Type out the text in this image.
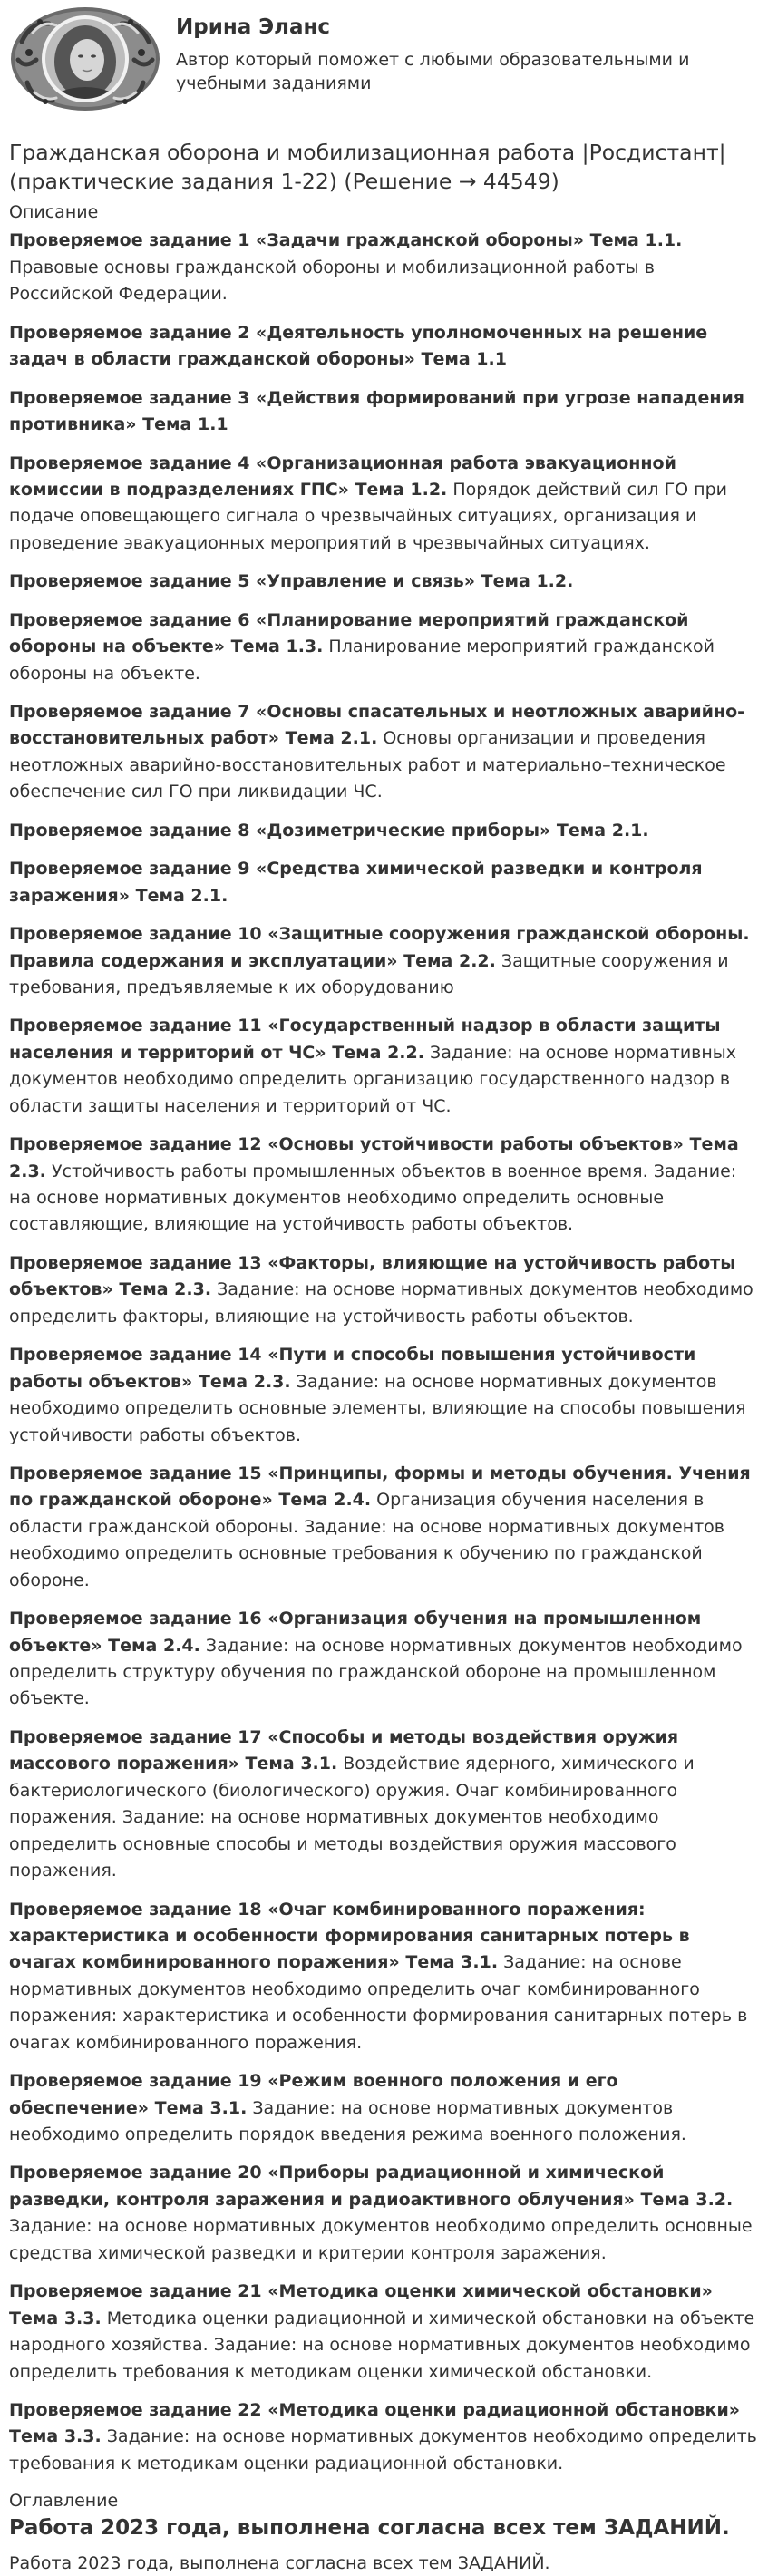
Ирина Эланс
Автор который поможет с любыми образовательными и учебными заданиями
Гражданская оборона и мобилизационная работа |Росдистант| (практические задания 1-22) (Решение → 44549)
Описание
Проверяемое задание 1 «Задачи гражданской обороны» Тема 1.1. Правовые основы гражданской обороны и мобилизационной работы в Российской Федерации.
Проверяемое задание 2 «Деятельность уполномоченных на решение задач в области гражданской обороны» Тема 1.1
Проверяемое задание 3 «Действия формирований при угрозе нападения противника» Тема 1.1
Проверяемое задание 4 «Организационная работа эвакуационной комиссии в подразделениях ГПС» Тема 1.2. Порядок действий сил ГО при подаче оповещающего сигнала о чрезвычайных ситуациях, организация и проведение эвакуационных мероприятий в чрезвычайных ситуациях.
Проверяемое задание 5 «Управление и связь» Тема 1.2.
Проверяемое задание 6 «Планирование мероприятий гражданской обороны на объекте» Тема 1.3. Планирование мероприятий гражданской обороны на объекте.
Проверяемое задание 7 «Основы спасательных и неотложных аварийно-восстановительных работ» Тема 2.1. Основы организации и проведения неотложных аварийно-восстановительных работ и материально–техническое обеспечение сил ГО при ликвидации ЧС.
Проверяемое задание 8 «Дозиметрические приборы» Тема 2.1.
Проверяемое задание 9 «Средства химической разведки и контроля заражения» Тема 2.1.
Проверяемое задание 10 «Защитные сооружения гражданской обороны. Правила содержания и эксплуатации» Тема 2.2. Защитные сооружения и требования, предъявляемые к их оборудованию
Проверяемое задание 11 «Государственный надзор в области защиты населения и территорий от ЧС» Тема 2.2. Задание: на основе нормативных документов необходимо определить организацию государственного надзор в области защиты населения и территорий от ЧС.
Проверяемое задание 12 «Основы устойчивости работы объектов» Тема 2.3. Устойчивость работы промышленных объектов в военное время. Задание: на основе нормативных документов необходимо определить основные составляющие, влияющие на устойчивость работы объектов.
Проверяемое задание 13 «Факторы, влияющие на устойчивость работы объектов» Тема 2.3. Задание: на основе нормативных документов необходимо определить факторы, влияющие на устойчивость работы объектов.
Проверяемое задание 14 «Пути и способы повышения устойчивости работы объектов» Тема 2.3. Задание: на основе нормативных документов необходимо определить основные элементы, влияющие на способы повышения устойчивости работы объектов.
Проверяемое задание 15 «Принципы, формы и методы обучения. Учения по гражданской обороне» Тема 2.4. Организация обучения населения в области гражданской обороны. Задание: на основе нормативных документов необходимо определить основные требования к обучению по гражданской обороне.
Проверяемое задание 16 «Организация обучения на промышленном объекте» Тема 2.4. Задание: на основе нормативных документов необходимо определить структуру обучения по гражданской обороне на промышленном объекте.
Проверяемое задание 17 «Способы и методы воздействия оружия массового поражения» Тема 3.1. Воздействие ядерного, химического и бактериологического (биологического) оружия. Очаг комбинированного поражения. Задание: на основе нормативных документов необходимо определить основные способы и методы воздействия оружия массового поражения.
Проверяемое задание 18 «Очаг комбинированного поражения: характеристика и особенности формирования санитарных потерь в очагах комбинированного поражения» Тема 3.1. Задание: на основе нормативных документов необходимо определить очаг комбинированного поражения: характеристика и особенности формирования санитарных потерь в очагах комбинированного поражения.
Проверяемое задание 19 «Режим военного положения и его обеспечение» Тема 3.1. Задание: на основе нормативных документов необходимо определить порядок введения режима военного положения.
Проверяемое задание 20 «Приборы радиационной и химической разведки, контроля заражения и радиоактивного облучения» Тема 3.2. Задание: на основе нормативных документов необходимо определить основные средства химической разведки и критерии контроля заражения.
Проверяемое задание 21 «Методика оценки химической обстановки» Тема 3.3. Методика оценки радиационной и химической обстановки на объекте народного хозяйства. Задание: на основе нормативных документов необходимо определить требования к методикам оценки химической обстановки.
Проверяемое задание 22 «Методика оценки радиационной обстановки» Тема 3.3. Задание: на основе нормативных документов необходимо определить требования к методикам оценки радиационной обстановки.
Оглавление
Работа 2023 года, выполнена согласна всех тем ЗАДАНИЙ.
Работа 2023 года, выполнена согласна всех тем ЗАДАНИЙ.
